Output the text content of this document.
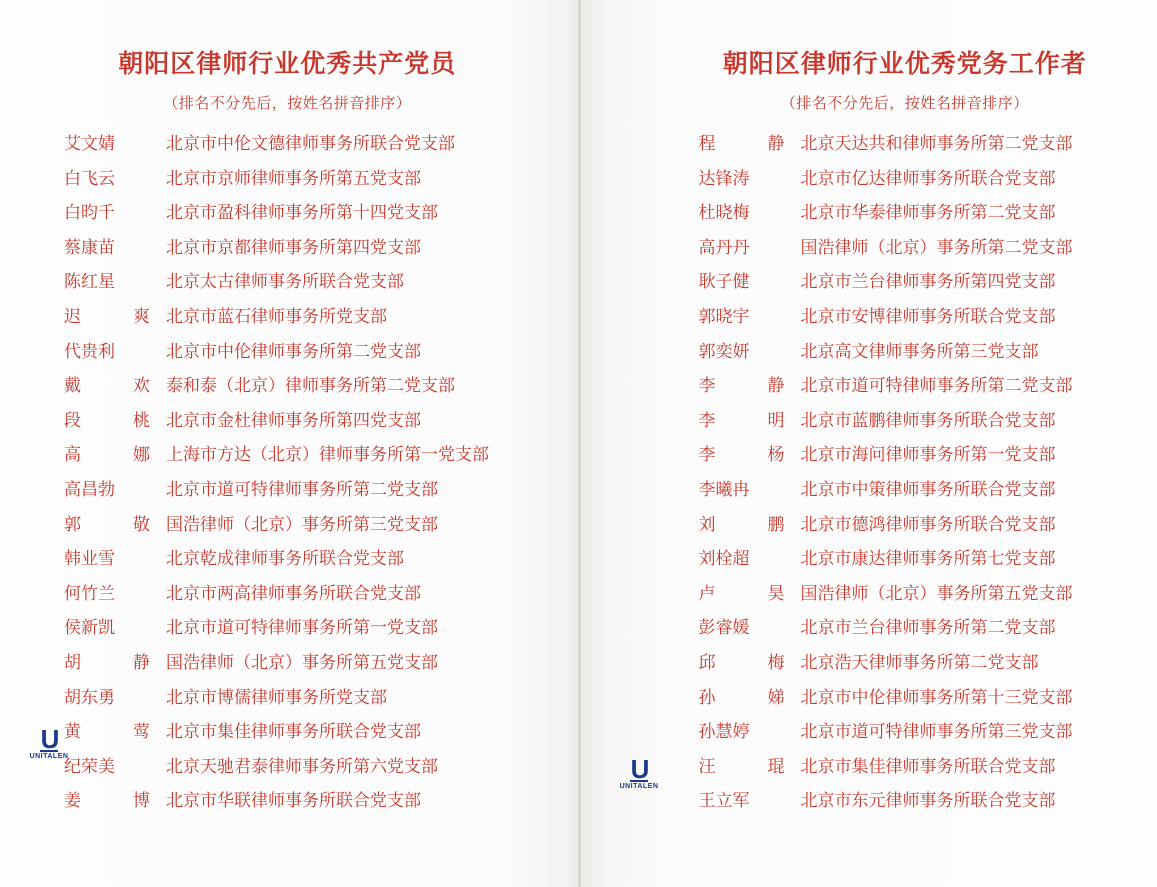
朝阳区律师行业优秀共产党员
（排名不分先后，按姓名拼音排序）
艾文婧	北京市中伦文德律师事务所联合党支部
白飞云	北京市京师律师事务所第五党支部
白昀千	北京市盈科律师事务所第十四党支部
蔡康苗	北京市京都律师事务所第四党支部
陈红星	北京太古律师事务所联合党支部
迟 爽 北京市蓝石律师事务所党支部
代贵利	北京市中伦律师事务所第二党支部
戴 欢 泰和泰（北京）律师事务所第二党支部
段 桃 北京市金杜律师事务所第四党支部
高 娜 上海市方达（北京）律师事务所第一党支部
高昌勃	北京市道可特律师事务所第二党支部
郭 敬 国浩律师（北京）事务所第三党支部
韩业雪	北京乾成律师事务所联合党支部
何竹兰	北京市两高律师事务所联合党支部
侯新凯	北京市道可特律师事务所第一党支部
胡 静 国浩律师（北京）事务所第五党支部
胡东勇	北京市博儒律师事务所党支部
黄 莺 北京市集佳律师事务所联合党支部
纪荣美	北京天驰君泰律师事务所第六党支部
姜 博 北京市华联律师事务所联合党支部
朝阳区律师行业优秀党务工作者
（排名不分先后，按姓名拼音排序）
程 静 北京天达共和律师事务所第二党支部
达锋涛	北京市亿达律师事务所联合党支部
杜晓梅	北京市华泰律师事务所第二党支部
高丹丹	国浩律师（北京）事务所第二党支部
耿子健	北京市兰台律师事务所第四党支部
郭晓宇	北京市安博律师事务所联合党支部
郭奕妍	北京高文律师事务所第三党支部
李 静 北京市道可特律师事务所第二党支部
李 明 北京市蓝鹏律师事务所联合党支部
李 杨 北京市海问律师事务所第一党支部
李曦冉	北京市中策律师事务所联合党支部
刘 鹏 北京市德鸿律师事务所联合党支部
刘栓超	北京市康达律师事务所第七党支部
卢 昊 国浩律师（北京）事务所第五党支部
彭睿媛	北京市兰台律师事务所第二党支部
邱 梅 北京浩天律师事务所第二党支部
孙 娣 北京市中伦律师事务所第十三党支部
孙慧婷	北京市道可特律师事务所第三党支部
汪 琨 北京市集佳律师事务所联合党支部
王立军	北京市东元律师事务所联合党支部
U
UNITALEN	U
UNITALEN
